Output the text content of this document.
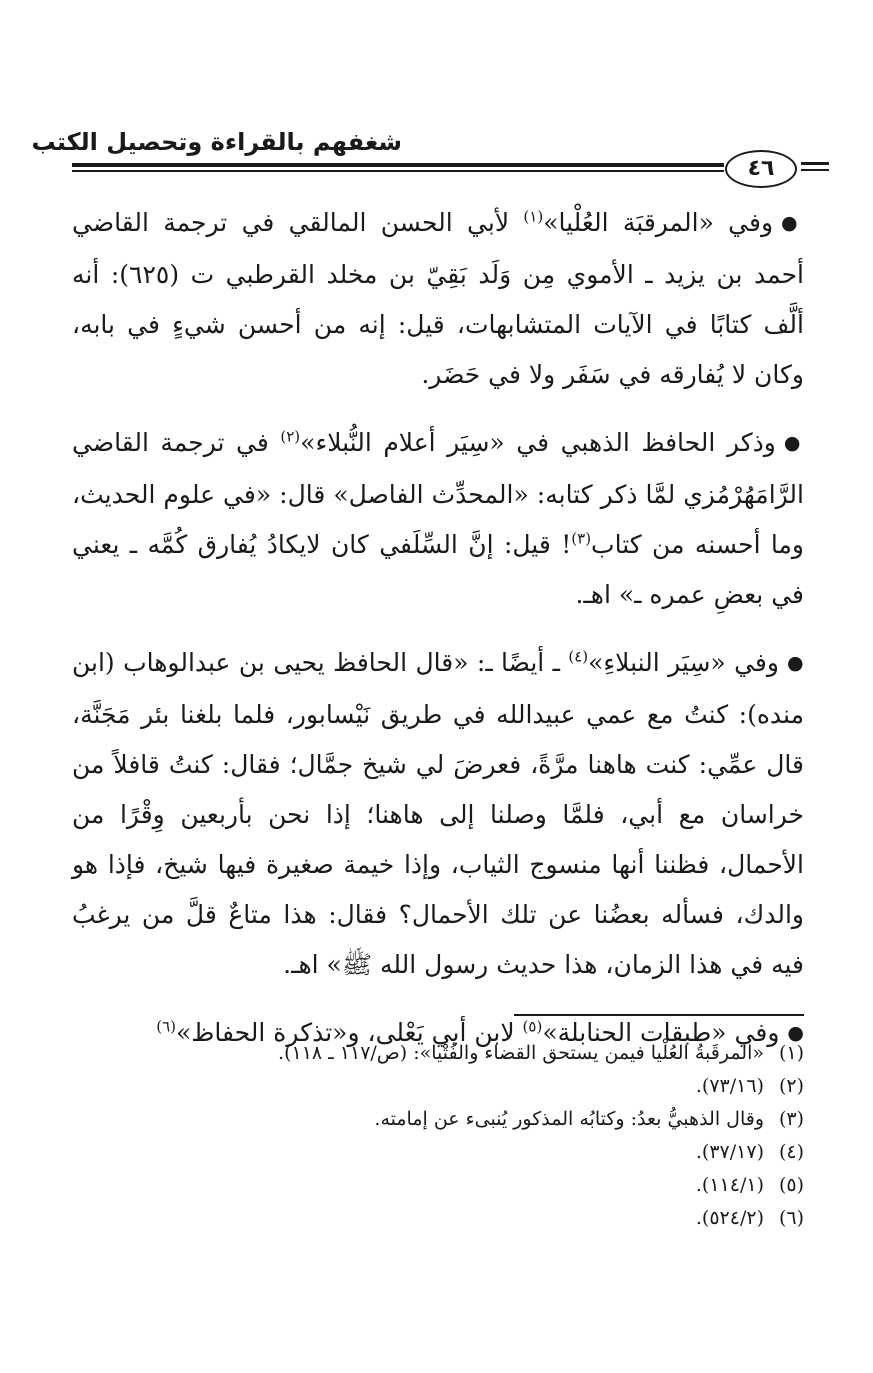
شغفهم بالقراءة وتحصيل الكتب
٤٦

●وفي «المرقبَة العُلْيا»$^{(١)}$ لأبي الحسن المالقي في ترجمة القاضي أحمد بن يزيد ـ الأموي مِن وَلَد بَقِيّ بن مخلد القرطبي ت (٦٢٥): أنه ألَّف كتابًا في الآيات المتشابهات، قيل: إنه من أحسن شيءٍ في بابه، وكان لا يُفارقه في سَفَر ولا في حَضَر.

●وذكر الحافظ الذهبي في «سِيَر أعلام النُّبلاء»$^{(٢)}$ في ترجمة القاضي الرَّامَهُرْمُزي لمَّا ذكر كتابه: «المحدِّث الفاصل» قال: «في علوم الحديث، وما أحسنه من كتاب$^{(٣)}$! قيل: إنَّ السِّلَفي كان لايكادُ يُفارق كُمَّه ـ يعني في بعضِ عمره ـ» اهـ.

●وفي «سِيَر النبلاءِ»$^{(٤)}$ ـ أيضًا ـ: «قال الحافظ يحيى بن عبدالوهاب (ابن منده): كنتُ مع عمي عبيدالله في طريق نَيْسابور، فلما بلغنا بئر مَجَنَّة، قال عمِّي: كنت هاهنا مرَّةً، فعرضَ لي شيخ جمَّال؛ فقال: كنتُ قافلاً من خراسان مع أبي، فلمَّا وصلنا إلى هاهنا؛ إذا نحن بأربعين وِقْرًا من الأحمال، فظننا أنها منسوج الثياب، وإذا خيمة صغيرة فيها شيخ، فإذا هو والدك، فسأله بعضُنا عن تلك الأحمال؟ فقال: هذا متاعٌ قلَّ من يرغبُ فيه في هذا الزمان، هذا حديث رسول الله ﷺ» اهـ.

●وفي «طبقات الحنابلة»$^{(٥)}$ لابن أبي يَعْلى، و«تذكرة الحفاظ»$^{(٦)}$

(١)«المرقَبةُ العُلْيا فيمن يستحق القضاء والفُتْيا»: (ص/١١٧ ـ ١١٨).
(٢)(٧٣/١٦).
(٣)وقال الذهبيُّ بعدُ: وكتابُه المذكور يُنبىء عن إمامته.
(٤)(٣٧/١٧).
(٥)(١١٤/١).
(٦)(٥٢٤/٢).
